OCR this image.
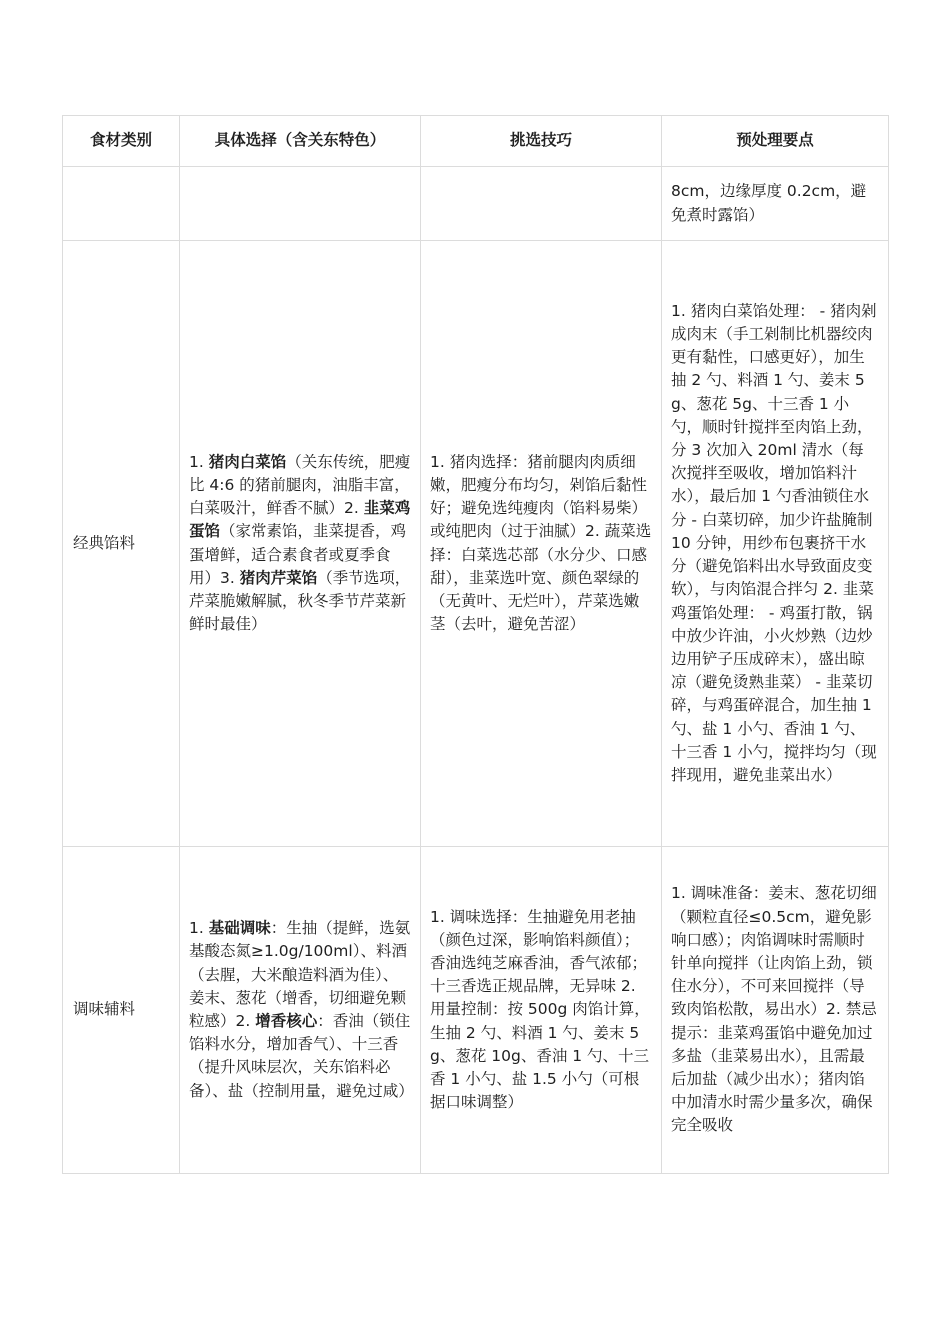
食材类别	具体选择（含关东特色）	挑选技巧	预处理要点
			8cm，边缘厚度 0.2cm，避免煮时露馅）
经典馅料	1. 猪肉白菜馅（关东传统，肥瘦比 4:6 的猪前腿肉，油脂丰富，白菜吸汁，鲜香不腻）2. 韭菜鸡蛋馅（家常素馅，韭菜提香，鸡蛋增鲜，适合素食者或夏季食用）3. 猪肉芹菜馅（季节选项，芹菜脆嫩解腻，秋冬季节芹菜新鲜时最佳）	1. 猪肉选择：猪前腿肉肉质细嫩，肥瘦分布均匀，剁馅后黏性好；避免选纯瘦肉（馅料易柴）或纯肥肉（过于油腻）2. 蔬菜选择：白菜选芯部（水分少、口感甜），韭菜选叶宽、颜色翠绿的（无黄叶、无烂叶），芹菜选嫩茎（去叶，避免苦涩）	1. 猪肉白菜馅处理： - 猪肉剁成肉末（手工剁制比机器绞肉更有黏性，口感更好），加生抽 2 勺、料酒 1 勺、姜末 5g、葱花 5g、十三香 1 小勺，顺时针搅拌至肉馅上劲，分 3 次加入 20ml 清水（每次搅拌至吸收，增加馅料汁水），最后加 1 勺香油锁住水分 - 白菜切碎，加少许盐腌制 10 分钟，用纱布包裹挤干水分（避免馅料出水导致面皮变软），与肉馅混合拌匀 2. 韭菜鸡蛋馅处理： - 鸡蛋打散，锅中放少许油，小火炒熟（边炒边用铲子压成碎末），盛出晾凉（避免烫熟韭菜） - 韭菜切碎，与鸡蛋碎混合，加生抽 1 勺、盐 1 小勺、香油 1 勺、十三香 1 小勺，搅拌均匀（现拌现用，避免韭菜出水）
调味辅料	1. 基础调味：生抽（提鲜，选氨基酸态氮≥1.0g/100ml）、料酒（去腥，大米酿造料酒为佳）、姜末、葱花（增香，切细避免颗粒感）2. 增香核心：香油（锁住馅料水分，增加香气）、十三香（提升风味层次，关东馅料必备）、盐（控制用量，避免过咸）	1. 调味选择：生抽避免用老抽（颜色过深，影响馅料颜值）；香油选纯芝麻香油，香气浓郁；十三香选正规品牌，无异味 2. 用量控制：按 500g 肉馅计算，生抽 2 勺、料酒 1 勺、姜末 5g、葱花 10g、香油 1 勺、十三香 1 小勺、盐 1.5 小勺（可根据口味调整）	1. 调味准备：姜末、葱花切细（颗粒直径≤0.5cm，避免影响口感）；肉馅调味时需顺时针单向搅拌（让肉馅上劲，锁住水分），不可来回搅拌（导致肉馅松散，易出水）2. 禁忌提示：韭菜鸡蛋馅中避免加过多盐（韭菜易出水），且需最后加盐（减少出水）；猪肉馅中加清水时需少量多次，确保完全吸收
